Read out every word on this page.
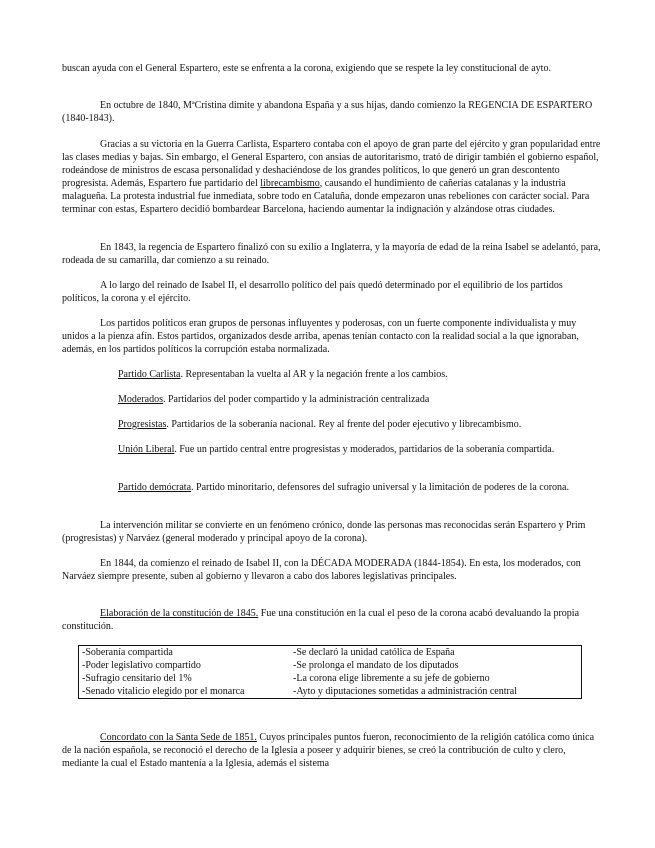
buscan ayuda con el General Espartero, este se enfrenta a la corona, exigiendo que se respete la ley constitucional de ayto.

En octubre de 1840, MªCristina dimite y abandona España y a sus hijas, dando comienzo la REGENCIA DE ESPARTERO (1840-1843).

Gracias a su victoria en la Guerra Carlista, Espartero contaba con el apoyo de gran parte del ejército y gran popularidad entre las clases medias y bajas. Sin embargo, el General Espartero, con ansias de autoritarismo, trató de dirigir también el gobierno español, rodeándose de ministros de escasa personalidad y deshaciéndose de los grandes políticos, lo que generó un gran descontento progresista. Además, Espartero fue partidario del librecambismo, causando el hundimiento de cañerías catalanas y la industria malagueña. La protesta industrial fue inmediata, sobre todo en Cataluña, donde empezaron unas rebeliones con carácter social. Para terminar con estas, Espartero decidió bombardear Barcelona, haciendo aumentar la indignación y alzándose otras ciudades.

En 1843, la regencia de Espartero finalizó con su exilio a Inglaterra, y la mayoría de edad de la reina Isabel se adelantó, para, rodeada de su camarilla, dar comienzo a su reinado.

A lo largo del reinado de Isabel II, el desarrollo político del país quedó determinado por el equilibrio de los partidos políticos, la corona y el ejército.

Los partidos políticos eran grupos de personas influyentes y poderosas, con un fuerte componente individualista y muy unidos a la pienza afín. Estos partidos, organizados desde arriba, apenas tenían contacto con la realidad social a la que ignoraban, además, en los partidos políticos la corrupción estaba normalizada.

Partido Carlista. Representaban la vuelta al AR y la negación frente a los cambios.

Moderados. Partidarios del poder compartido y la administración centralizada

Progresistas. Partidarios de la soberanía nacional. Rey al frente del poder ejecutivo y librecambismo.

Unión Liberal. Fue un partido central entre progresistas y moderados, partidarios de la soberanía compartida.

Partido demócrata. Partido minoritario, defensores del sufragio universal y la limitación de poderes de la corona.

La intervención militar se convierte en un fenómeno crónico, donde las personas mas reconocidas serán Espartero y Prim (progresistas) y Narváez (general moderado y principal apoyo de la corona).

En 1844, da comienzo el reinado de Isabel II, con la DÉCADA MODERADA (1844-1854). En esta, los moderados, con Narváez siempre presente, suben al gobierno y llevaron a cabo dos labores legislativas principales.

Elaboración de la constitución de 1845. Fue una constitución en la cual el peso de la corona acabó devaluando la propia constitución.

-Soberanía compartida	-Se declaró la unidad católica de España
-Poder legislativo compartido	-Se prolonga el mandato de los diputados
-Sufragio censitario del 1%	-La corona elige libremente a su jefe de gobierno
-Senado vitalicio elegido por el monarca	-Ayto y diputaciones sometidas a administración central

Concordato con la Santa Sede de 1851. Cuyos principales puntos fueron, reconocimiento de la religión católica como única de la nación española, se reconoció el derecho de la Iglesia a poseer y adquirir bienes, se creó la contribución de culto y clero, mediante la cual el Estado mantenía a la Iglesia, además el sistema
